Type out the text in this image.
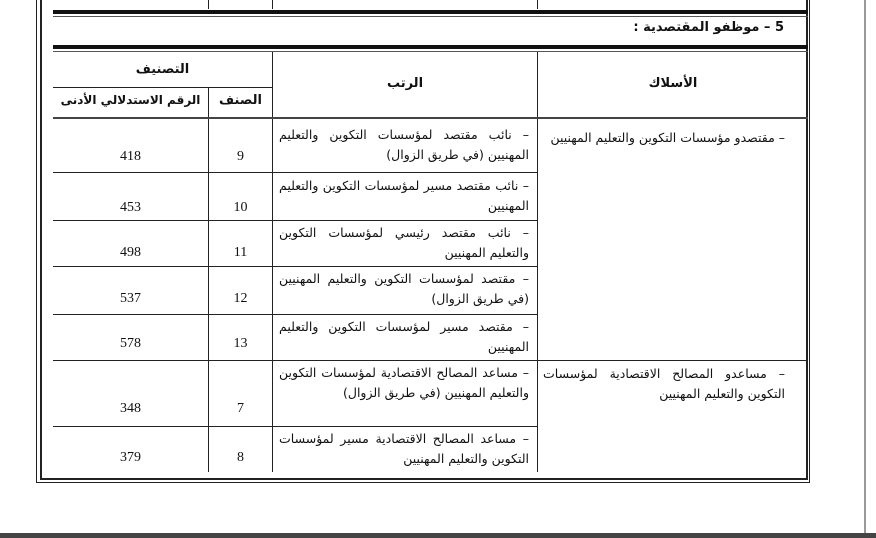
5 – موظفو المقتصدية :
الأسلاك
الرتب
التصنيف
الصنف
الرقم الاستدلالي الأدنى
– مقتصدو مؤسسات التكوين والتعليم المهنيين
– مساعدو المصالح الاقتصادية لمؤسسات التكوين والتعليم المهنيين
– نائب مقتصد لمؤسسات التكوين والتعليم المهنيين (في طريق الزوال)
9
418
– نائب مقتصد مسير لمؤسسات التكوين والتعليم المهنيين
10
453
– نائب مقتصد رئيسي لمؤسسات التكوين والتعليم المهنيين
11
498
– مقتصد لمؤسسات التكوين والتعليم المهنيين (في طريق الزوال)
12
537
– مقتصد مسير لمؤسسات التكوين والتعليم المهنيين
13
578
– مساعد المصالح الاقتصادية لمؤسسات التكوين والتعليم المهنيين (في طريق الزوال)
7
348
– مساعد المصالح الاقتصادية مسير لمؤسسات التكوين والتعليم المهنيين
8
379
